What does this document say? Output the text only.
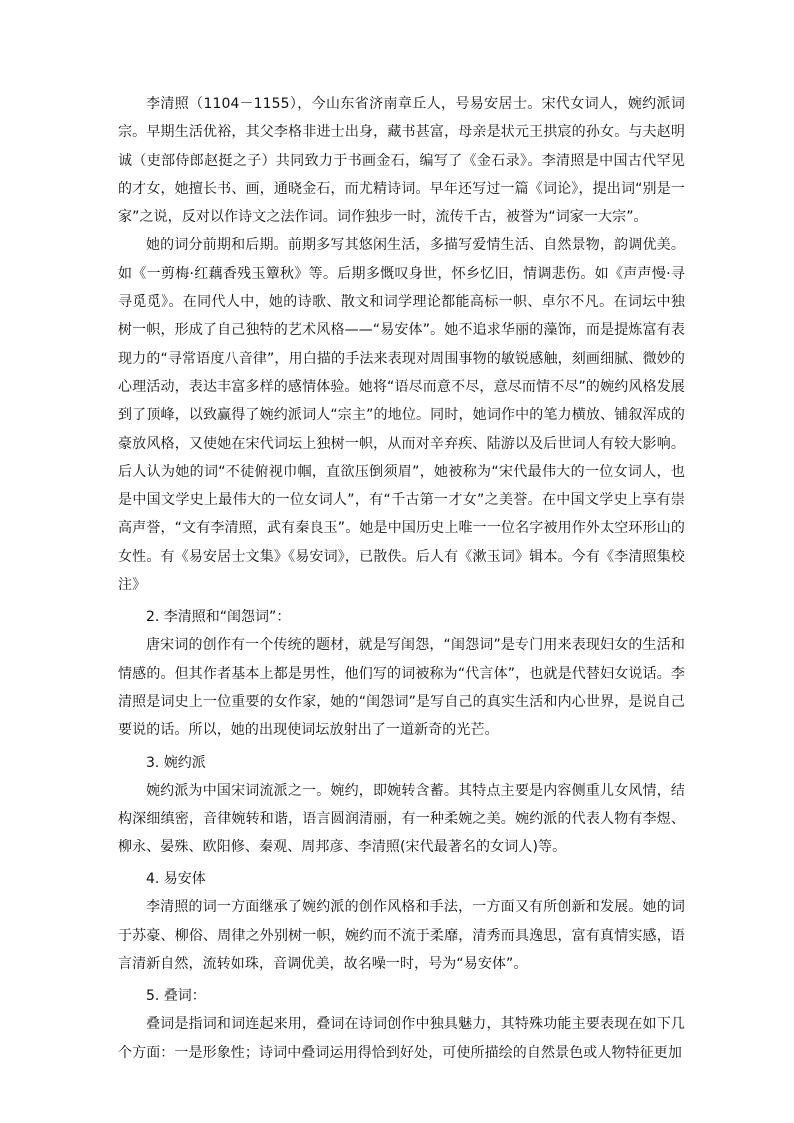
李清照（1104－1155），今山东省济南章丘人，号易安居士。宋代女词人，婉约派词宗。早期生活优裕，其父李格非进士出身，藏书甚富，母亲是状元王拱宸的孙女。与夫赵明诚（吏部侍郎赵挺之子）共同致力于书画金石，编写了《金石录》。李清照是中国古代罕见的才女，她擅长书、画，通晓金石，而尤精诗词。早年还写过一篇《词论》，提出词“别是一家”之说，反对以作诗文之法作词。词作独步一时，流传千古，被誉为“词家一大宗”。

她的词分前期和后期。前期多写其悠闲生活，多描写爱情生活、自然景物，韵调优美。如《一剪梅·红藕香残玉簟秋》等。后期多慨叹身世，怀乡忆旧，情调悲伤。如《声声慢·寻寻觅觅》。在同代人中，她的诗歌、散文和词学理论都能高标一帜、卓尔不凡。在词坛中独树一帜，形成了自己独特的艺术风格——“易安体”。她不追求华丽的藻饰，而是提炼富有表现力的“寻常语度八音律”，用白描的手法来表现对周围事物的敏锐感触，刻画细腻、微妙的心理活动，表达丰富多样的感情体验。她将“语尽而意不尽，意尽而情不尽”的婉约风格发展到了顶峰，以致赢得了婉约派词人“宗主”的地位。同时，她词作中的笔力横放、铺叙浑成的豪放风格，又使她在宋代词坛上独树一帜，从而对辛弃疾、陆游以及后世词人有较大影响。后人认为她的词“不徒俯视巾帼，直欲压倒须眉”，她被称为“宋代最伟大的一位女词人，也是中国文学史上最伟大的一位女词人”，有“千古第一才女”之美誉。在中国文学史上享有崇高声誉，“文有李清照，武有秦良玉”。她是中国历史上唯一一位名字被用作外太空环形山的女性。有《易安居士文集》《易安词》，已散佚。后人有《漱玉词》辑本。今有《李清照集校注》

2. 李清照和“闺怨词”：

唐宋词的创作有一个传统的题材，就是写闺怨，“闺怨词”是专门用来表现妇女的生活和情感的。但其作者基本上都是男性，他们写的词被称为“代言体”，也就是代替妇女说话。李清照是词史上一位重要的女作家，她的“闺怨词”是写自己的真实生活和内心世界，是说自己要说的话。所以，她的出现使词坛放射出了一道新奇的光芒。

3. 婉约派

婉约派为中国宋词流派之一。婉约，即婉转含蓄。其特点主要是内容侧重儿女风情，结构深细缜密，音律婉转和谐，语言圆润清丽，有一种柔婉之美。婉约派的代表人物有李煜、柳永、晏殊、欧阳修、秦观、周邦彦、李清照(宋代最著名的女词人)等。

4. 易安体

李清照的词一方面继承了婉约派的创作风格和手法，一方面又有所创新和发展。她的词于苏豪、柳俗、周律之外别树一帜，婉约而不流于柔靡，清秀而具逸思，富有真情实感，语言清新自然，流转如珠，音调优美，故名噪一时，号为“易安体”。

5. 叠词：

叠词是指词和词连起来用，叠词在诗词创作中独具魅力，其特殊功能主要表现在如下几个方面：一是形象性；诗词中叠词运用得恰到好处，可使所描绘的自然景色或人物特征更加
